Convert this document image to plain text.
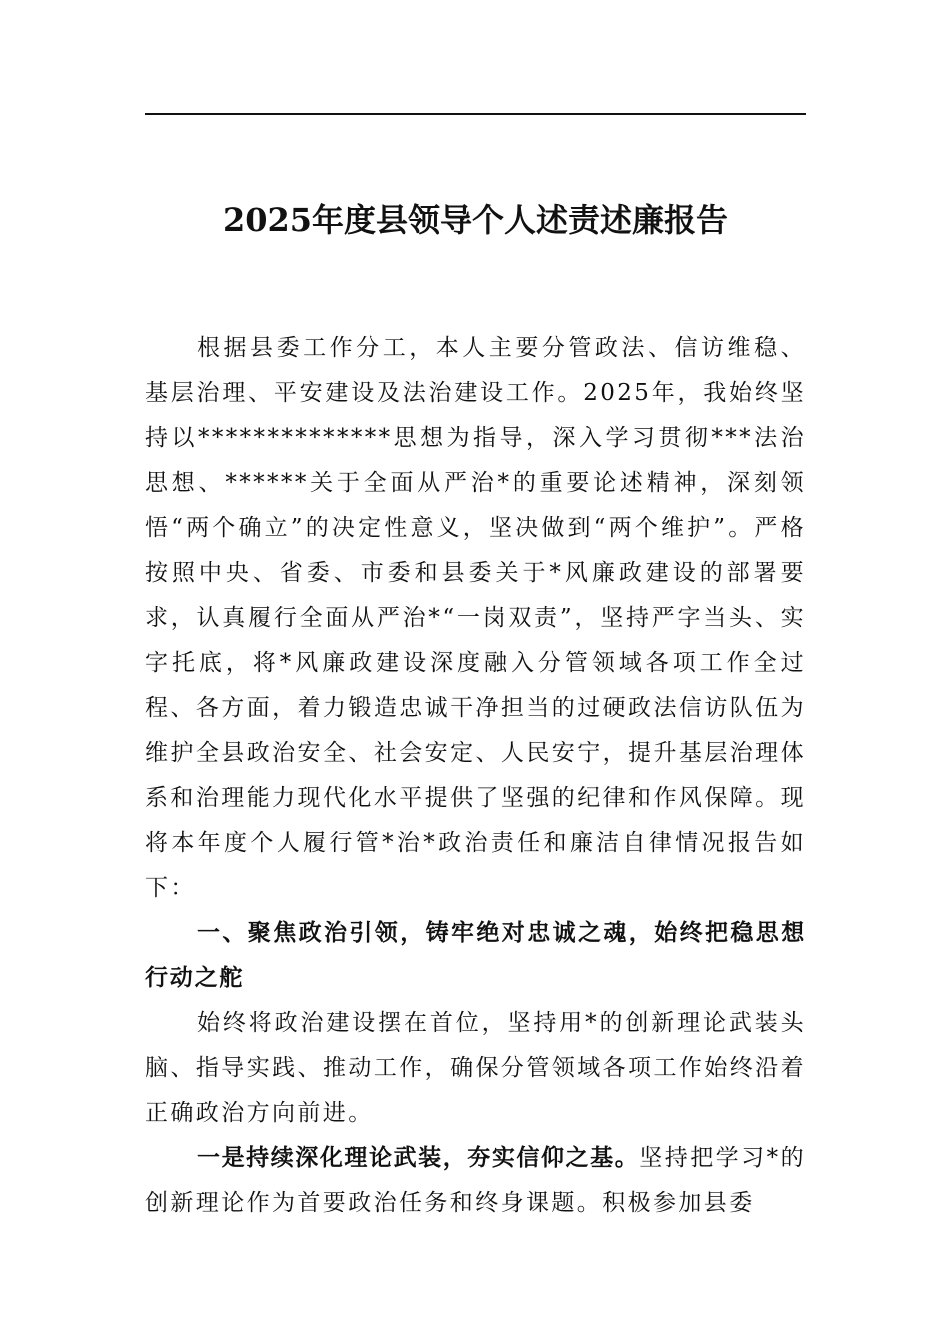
2025年度县领导个人述责述廉报告

根据县委工作分工，本人主要分管政法、信访维稳、基层治理、平安建设及法治建设工作。2025年，我始终坚持以**************思想为指导，深入学习贯彻***法治思想、******关于全面从严治*的重要论述精神，深刻领悟“两个确立”的决定性意义，坚决做到“两个维护”。严格按照中央、省委、市委和县委关于*风廉政建设的部署要求，认真履行全面从严治*“一岗双责”，坚持严字当头、实字托底，将*风廉政建设深度融入分管领域各项工作全过程、各方面，着力锻造忠诚干净担当的过硬政法信访队伍为维护全县政治安全、社会安定、人民安宁，提升基层治理体系和治理能力现代化水平提供了坚强的纪律和作风保障。现将本年度个人履行管*治*政治责任和廉洁自律情况报告如下：

一、聚焦政治引领，铸牢绝对忠诚之魂，始终把稳思想行动之舵

始终将政治建设摆在首位，坚持用*的创新理论武装头脑、指导实践、推动工作，确保分管领域各项工作始终沿着正确政治方向前进。

一是持续深化理论武装，夯实信仰之基。坚持把学习*的创新理论作为首要政治任务和终身课题。积极参加县委
